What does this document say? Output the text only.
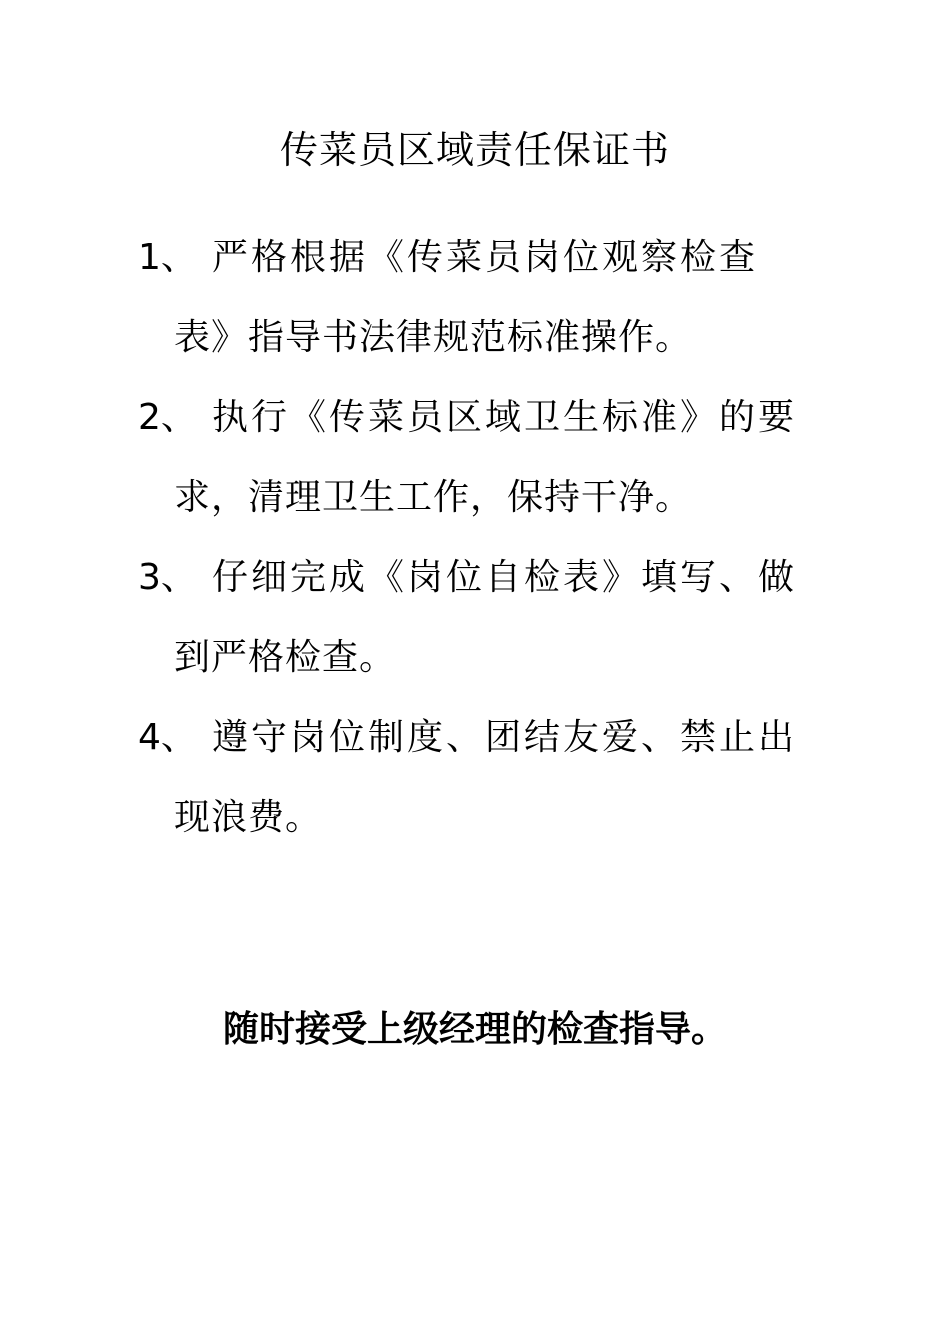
传菜员区域责任保证书
1、 严格根据《传菜员岗位观察检查
表》指导书法律规范标准操作。
2、 执行《传菜员区域卫生标准》的要
求，清理卫生工作，保持干净。
3、 仔细完成《岗位自检表》填写、做
到严格检查。
4、 遵守岗位制度、团结友爱、禁止出
现浪费。
随时接受上级经理的检查指导。
